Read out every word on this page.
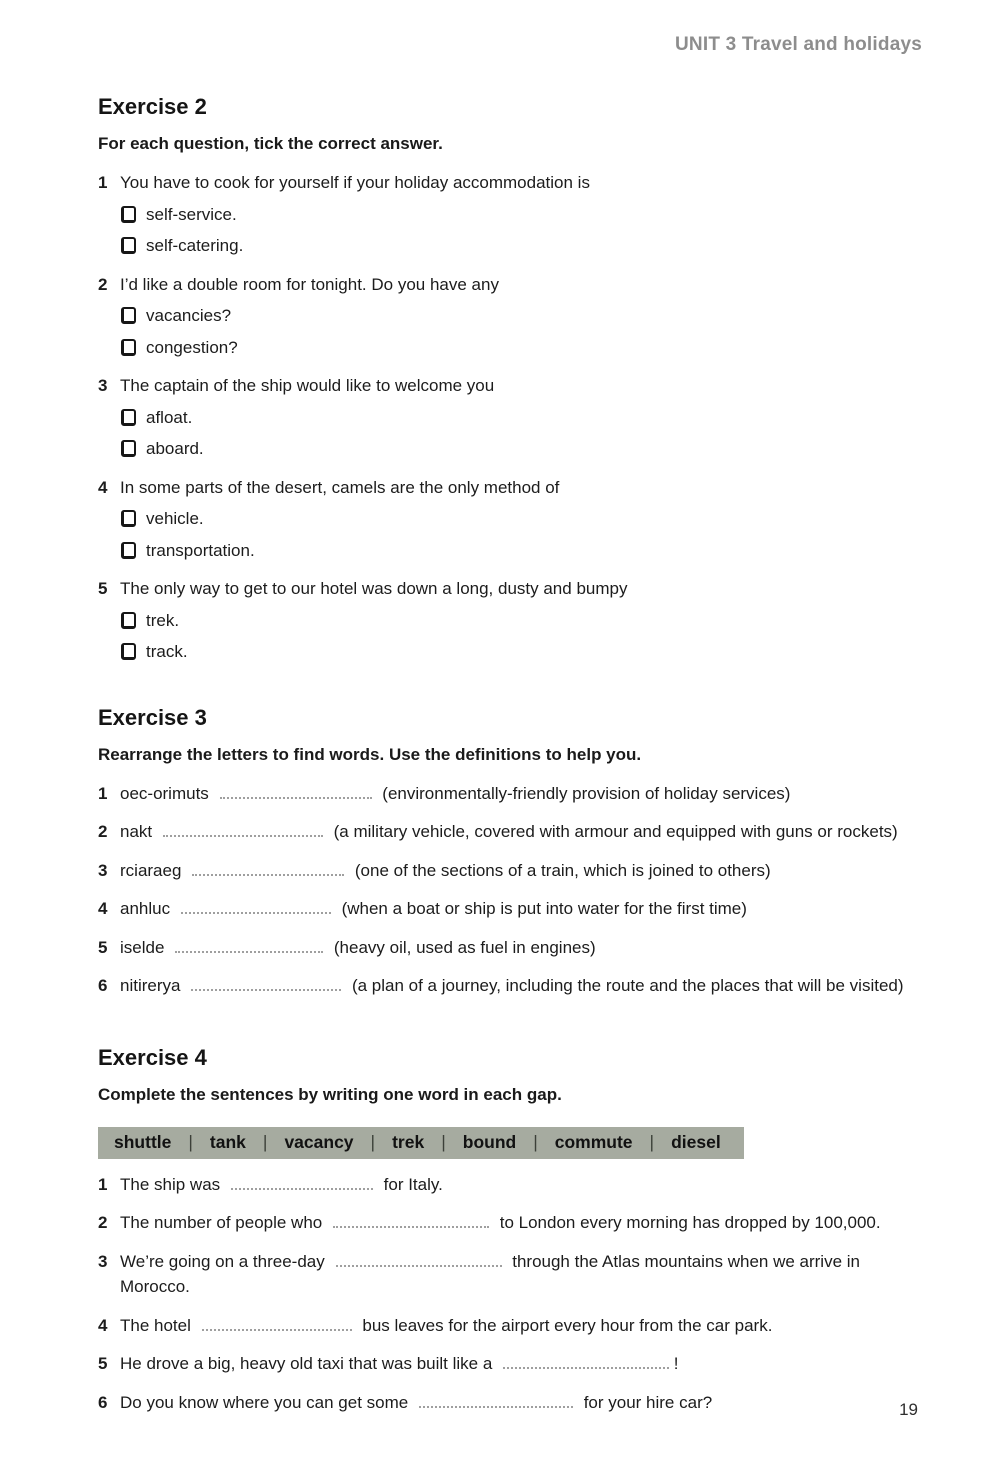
UNIT 3 Travel and holidays
Exercise 2
For each question, tick the correct answer.
1 You have to cook for yourself if your holiday accommodation is
self-service.
self-catering.
2 I’d like a double room for tonight. Do you have any
vacancies?
congestion?
3 The captain of the ship would like to welcome you
afloat.
aboard.
4 In some parts of the desert, camels are the only method of
vehicle.
transportation.
5 The only way to get to our hotel was down a long, dusty and bumpy
trek.
track.
Exercise 3
Rearrange the letters to find words. Use the definitions to help you.
1 oec-orimuts	(environmentally-friendly provision of holiday services)
2 nakt	(a military vehicle, covered with armour and equipped with guns or rockets)
3 rciaraeg	(one of the sections of a train, which is joined to others)
4 anhluc	(when a boat or ship is put into water for the first time)
5 iselde	(heavy oil, used as fuel in engines)
6 nitirerya	(a plan of a journey, including the route and the places that will be visited)
Exercise 4
Complete the sentences by writing one word in each gap.
shuttle | tank | vacancy | trek | bound | commute | diesel
1 The ship was	for Italy.
2 The number of people who	to London every morning has dropped by 100,000.
3 We’re going on a three-day	through the Atlas mountains when we arrive in Morocco.
4 The hotel	bus leaves for the airport every hour from the car park.
5 He drove a big, heavy old taxi that was built like a	!
6 Do you know where you can get some	for your hire car?	19
